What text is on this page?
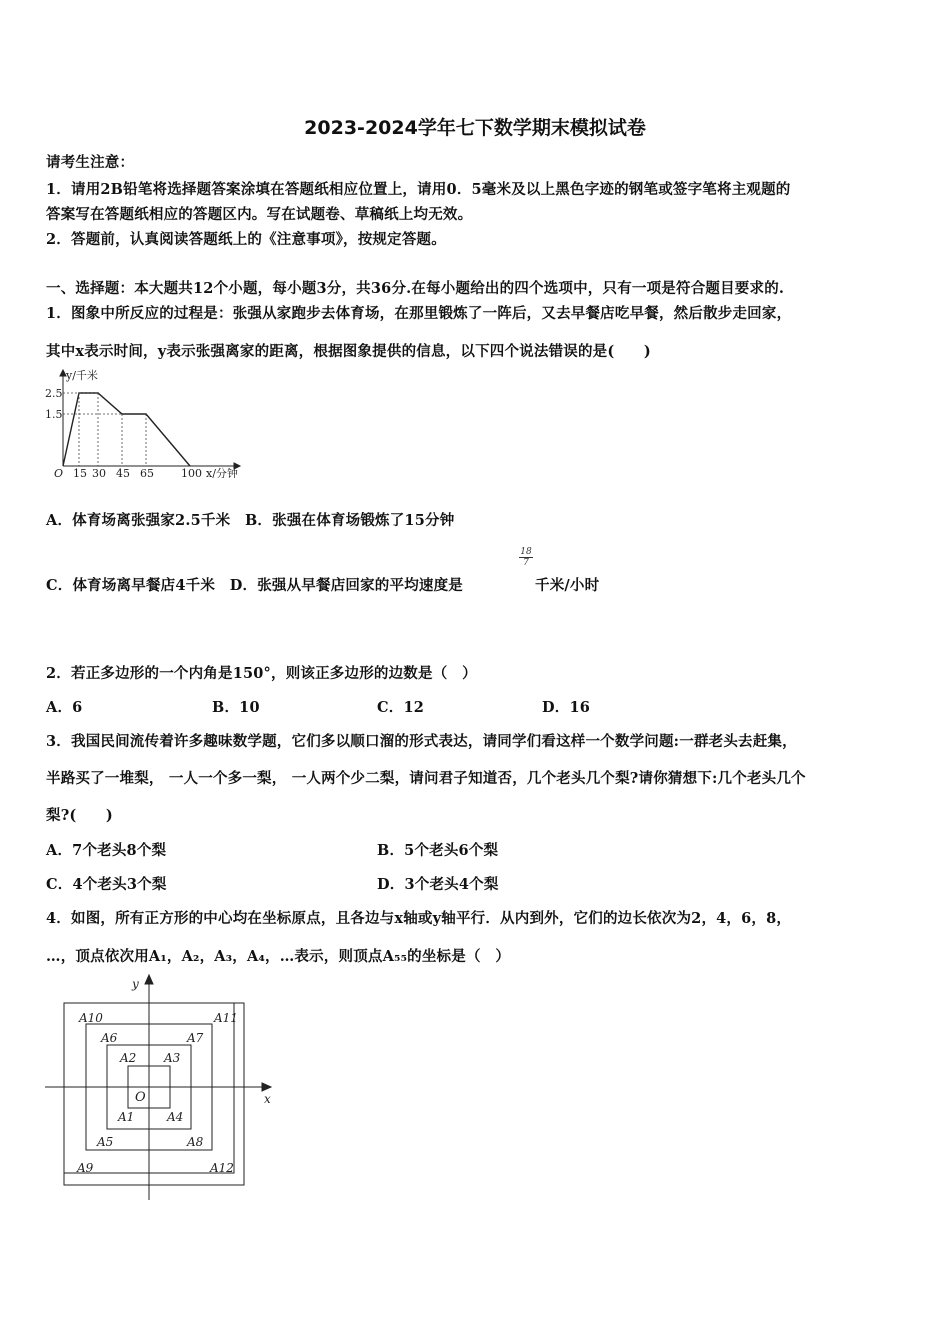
2023-2024学年七下数学期末模拟试卷
请考生注意：
1．请用2B铅笔将选择题答案涂填在答题纸相应位置上，请用0．5毫米及以上黑色字迹的钢笔或签字笔将主观题的
答案写在答题纸相应的答题区内。写在试题卷、草稿纸上均无效。
2．答题前，认真阅读答题纸上的《注意事项》，按规定答题。
一、选择题：本大题共12个小题，每小题3分，共36分.在每小题给出的四个选项中，只有一项是符合题目要求的.
1．图象中所反应的过程是：张强从家跑步去体育场，在那里锻炼了一阵后，又去早餐店吃早餐，然后散步走回家，
其中x表示时间，y表示张强离家的距离，根据图象提供的信息，以下四个说法错误的是(　　)
y/千米
2.5
1.5
O 15 30 45 65 100 x/分钟
A．体育场离张强家2.5千米　B．张强在体育场锻炼了15分钟
C．体育场离早餐店4千米　D．张强从早餐店回家的平均速度是
$\frac{18}{7}$
千米/小时
2．若正多边形的一个内角是150°，则该正多边形的边数是（　）
A．6	B．10	C．12	D．16
3．我国民间流传着许多趣味数学题，它们多以顺口溜的形式表达，请同学们看这样一个数学问题:一群老头去赶集，
半路买了一堆梨， 一人一个多一梨， 一人两个少二梨，请问君子知道否，几个老头几个梨?请你猜想下:几个老头几个
梨?(　　)
A．7个老头8个梨	B．5个老头6个梨
C．4个老头3个梨	D．3个老头4个梨
4．如图，所有正方形的中心均在坐标原点，且各边与x轴或y轴平行．从内到外，它们的边长依次为2，4，6，8，
…，顶点依次用A₁，A₂，A₃，A₄，…表示，则顶点A₅₅的坐标是（　）
y
x
O
A1
A2 A3
A4
A5
A6	A7
A8
A9
A10	A11
A12
